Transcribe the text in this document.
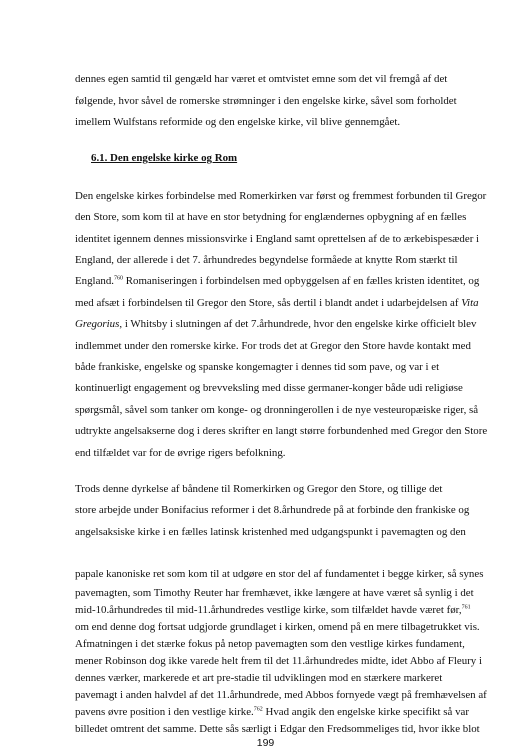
dennes egen samtid til gengæld har været et omtvistet emne som det vil fremgå af det
følgende, hvor såvel de romerske strømninger i den engelske kirke, såvel som forholdet
imellem Wulfstans reformide og den engelske kirke, vil blive gennemgået.
6.1. Den engelske kirke og Rom
Den engelske kirkes forbindelse med Romerkirken var først og fremmest forbunden til Gregor
den Store, som kom til at have en stor betydning for englændernes opbygning af en fælles
identitet igennem dennes missionsvirke i England samt oprettelsen af de to ærkebispesæder i
England, der allerede i det 7. århundredes begyndelse formåede at knytte Rom stærkt til
England.$^{760}$ Romaniseringen i forbindelsen med opbyggelsen af en fælles kristen identitet, og
med afsæt i forbindelsen til Gregor den Store, sås dertil i blandt andet i udarbejdelsen af Vita
Gregorius, i Whitsby i slutningen af det 7.århundrede, hvor den engelske kirke officielt blev
indlemmet under den romerske kirke. For trods det at Gregor den Store havde kontakt med
både frankiske, engelske og spanske kongemagter i dennes tid som pave, og var i et
kontinuerligt engagement og brevveksling med disse germaner-konger både udi religiøse
spørgsmål, såvel som tanker om konge- og dronningerollen i de nye vesteuropæiske riger, så
udtrykte angelsakserne dog i deres skrifter en langt større forbundenhed med Gregor den Store
end tilfældet var for de øvrige rigers befolkning.
Trods denne dyrkelse af båndene til Romerkirken og Gregor den Store, og tillige det
store arbejde under Bonifacius reformer i det 8.århundrede på at forbinde den frankiske og
angelsaksiske kirke i en fælles latinsk kristenhed med udgangspunkt i pavemagten og den
papale kanoniske ret som kom til at udgøre en stor del af fundamentet i begge kirker, så synes
pavemagten, som Timothy Reuter har fremhævet, ikke længere at have været så synlig i det
mid-10.århundredes til mid-11.århundredes vestlige kirke, som tilfældet havde været før,$^{761}$
om end denne dog fortsat udgjorde grundlaget i kirken, omend på en mere tilbagetrukket vis.
Afmatningen i det stærke fokus på netop pavemagten som den vestlige kirkes fundament,
mener Robinson dog ikke varede helt frem til det 11.århundredes midte, idet Abbo af Fleury i
dennes værker, markerede et art pre-stadie til udviklingen mod en stærkere markeret
pavemagt i anden halvdel af det 11.århundrede, med Abbos fornyede vægt på fremhævelsen af
pavens øvre position i den vestlige kirke.$^{762}$ Hvad angik den engelske kirke specifikt så var
billedet omtrent det samme. Dette sås særligt i Edgar den Fredsommeliges tid, hvor ikke blot
199
